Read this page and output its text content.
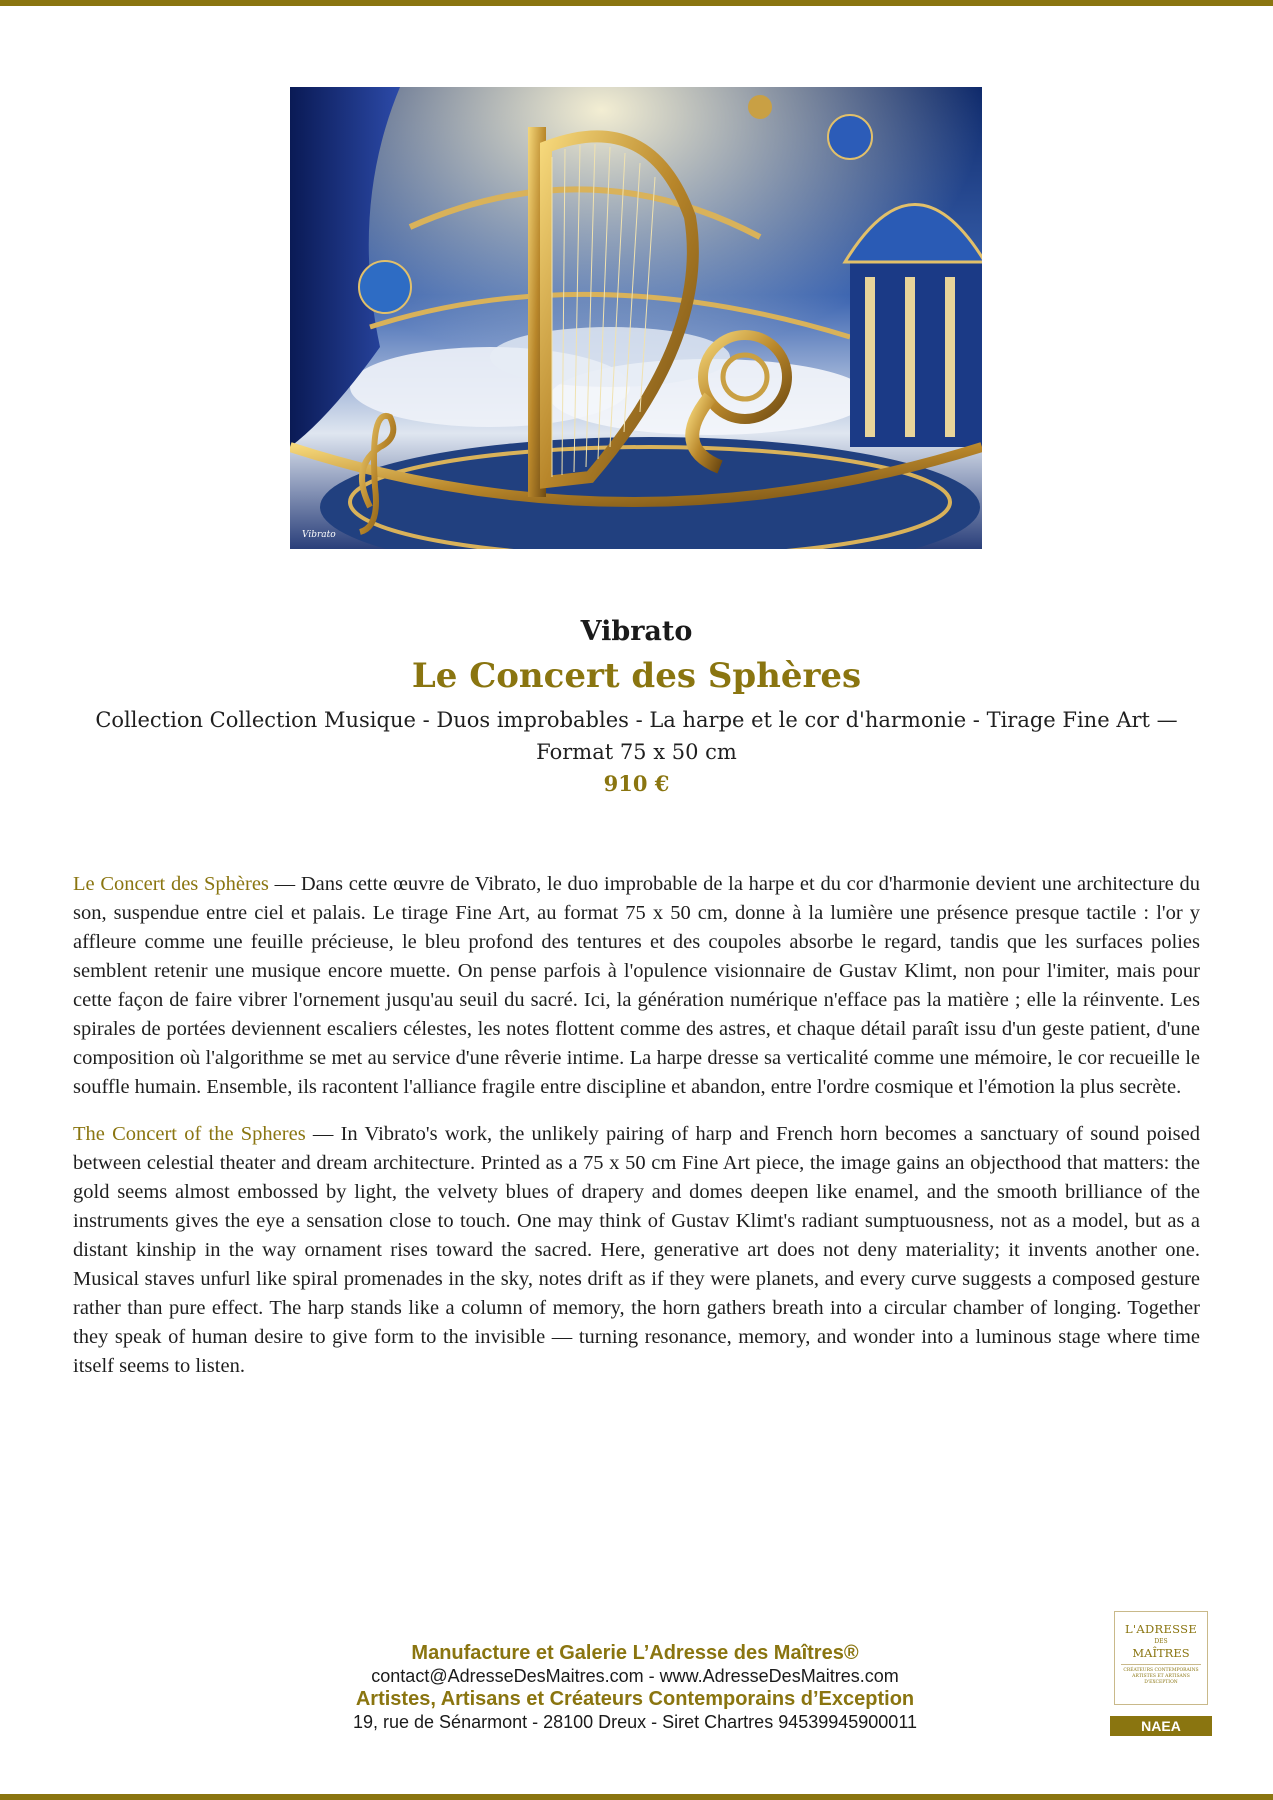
Vibrato
Vibrato
Le Concert des Sphères
Collection Collection Musique - Duos improbables - La harpe et le cor d'harmonie - Tirage Fine Art — Format 75 x 50 cm
910 €

Le Concert des Sphères — Dans cette œuvre de Vibrato, le duo improbable de la harpe et du cor d'harmonie devient une architecture du son, suspendue entre ciel et palais. Le tirage Fine Art, au format 75 x 50 cm, donne à la lumière une présence presque tactile : l'or y affleure comme une feuille précieuse, le bleu profond des tentures et des coupoles absorbe le regard, tandis que les surfaces polies semblent retenir une musique encore muette. On pense parfois à l'opulence visionnaire de Gustav Klimt, non pour l'imiter, mais pour cette façon de faire vibrer l'ornement jusqu'au seuil du sacré. Ici, la génération numérique n'efface pas la matière ; elle la réinvente. Les spirales de portées deviennent escaliers célestes, les notes flottent comme des astres, et chaque détail paraît issu d'un geste patient, d'une composition où l'algorithme se met au service d'une rêverie intime. La harpe dresse sa verticalité comme une mémoire, le cor recueille le souffle humain. Ensemble, ils racontent l'alliance fragile entre discipline et abandon, entre l'ordre cosmique et l'émotion la plus secrète.

The Concert of the Spheres — In Vibrato's work, the unlikely pairing of harp and French horn becomes a sanctuary of sound poised between celestial theater and dream architecture. Printed as a 75 x 50 cm Fine Art piece, the image gains an objecthood that matters: the gold seems almost embossed by light, the velvety blues of drapery and domes deepen like enamel, and the smooth brilliance of the instruments gives the eye a sensation close to touch. One may think of Gustav Klimt's radiant sumptuousness, not as a model, but as a distant kinship in the way ornament rises toward the sacred. Here, generative art does not deny materiality; it invents another one. Musical staves unfurl like spiral promenades in the sky, notes drift as if they were planets, and every curve suggests a composed gesture rather than pure effect. The harp stands like a column of memory, the horn gathers breath into a circular chamber of longing. Together they speak of human desire to give form to the invisible — turning resonance, memory, and wonder into a luminous stage where time itself seems to listen.

Manufacture et Galerie L’Adresse des Maîtres®
contact@AdresseDesMaitres.com - www.AdresseDesMaitres.com
Artistes, Artisans et Créateurs Contemporains d’Exception
19, rue de Sénarmont - 28100 Dreux - Siret Chartres 94539945900011
L'ADRESSE
DES
MAÎTRES
CRÉATEURS CONTEMPORAINS ARTISTES ET ARTISANS D'EXCEPTION
NAEA
